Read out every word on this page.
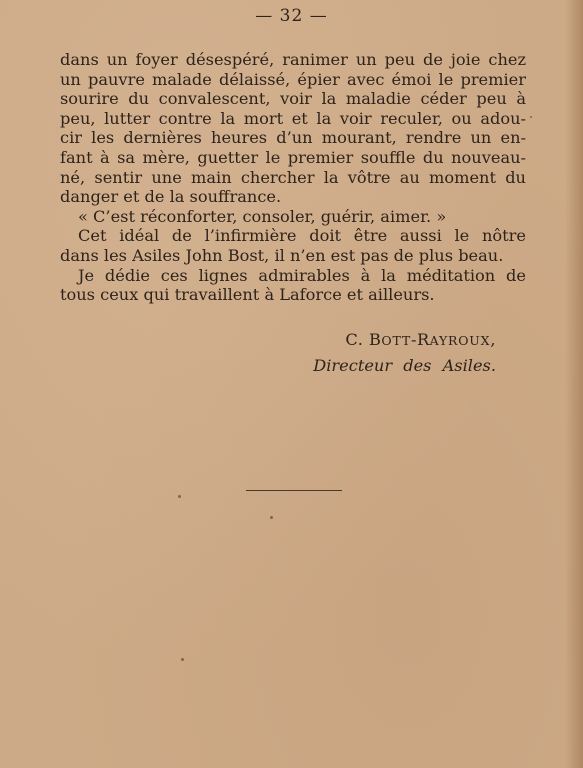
— 32 —
dans un foyer désespéré, ranimer un peu de joie chez
un pauvre malade délaissé, épier avec émoi le premier
sourire du convalescent, voir la maladie céder peu à
peu, lutter contre la mort et la voir reculer, ou adou-
cir les dernières heures d’un mourant, rendre un en-
fant à sa mère, guetter le premier souffle du nouveau-
né, sentir une main chercher la vôtre au moment du
danger et de la souffrance.
« C’est réconforter, consoler, guérir, aimer. »
Cet idéal de l’infirmière doit être aussi le nôtre
dans les Asiles John Bost, il n’en est pas de plus beau.
Je dédie ces lignes admirables à la méditation de
tous ceux qui travaillent à Laforce et ailleurs.
C. BOTT-RAYROUX,
Directeur des Asiles.
